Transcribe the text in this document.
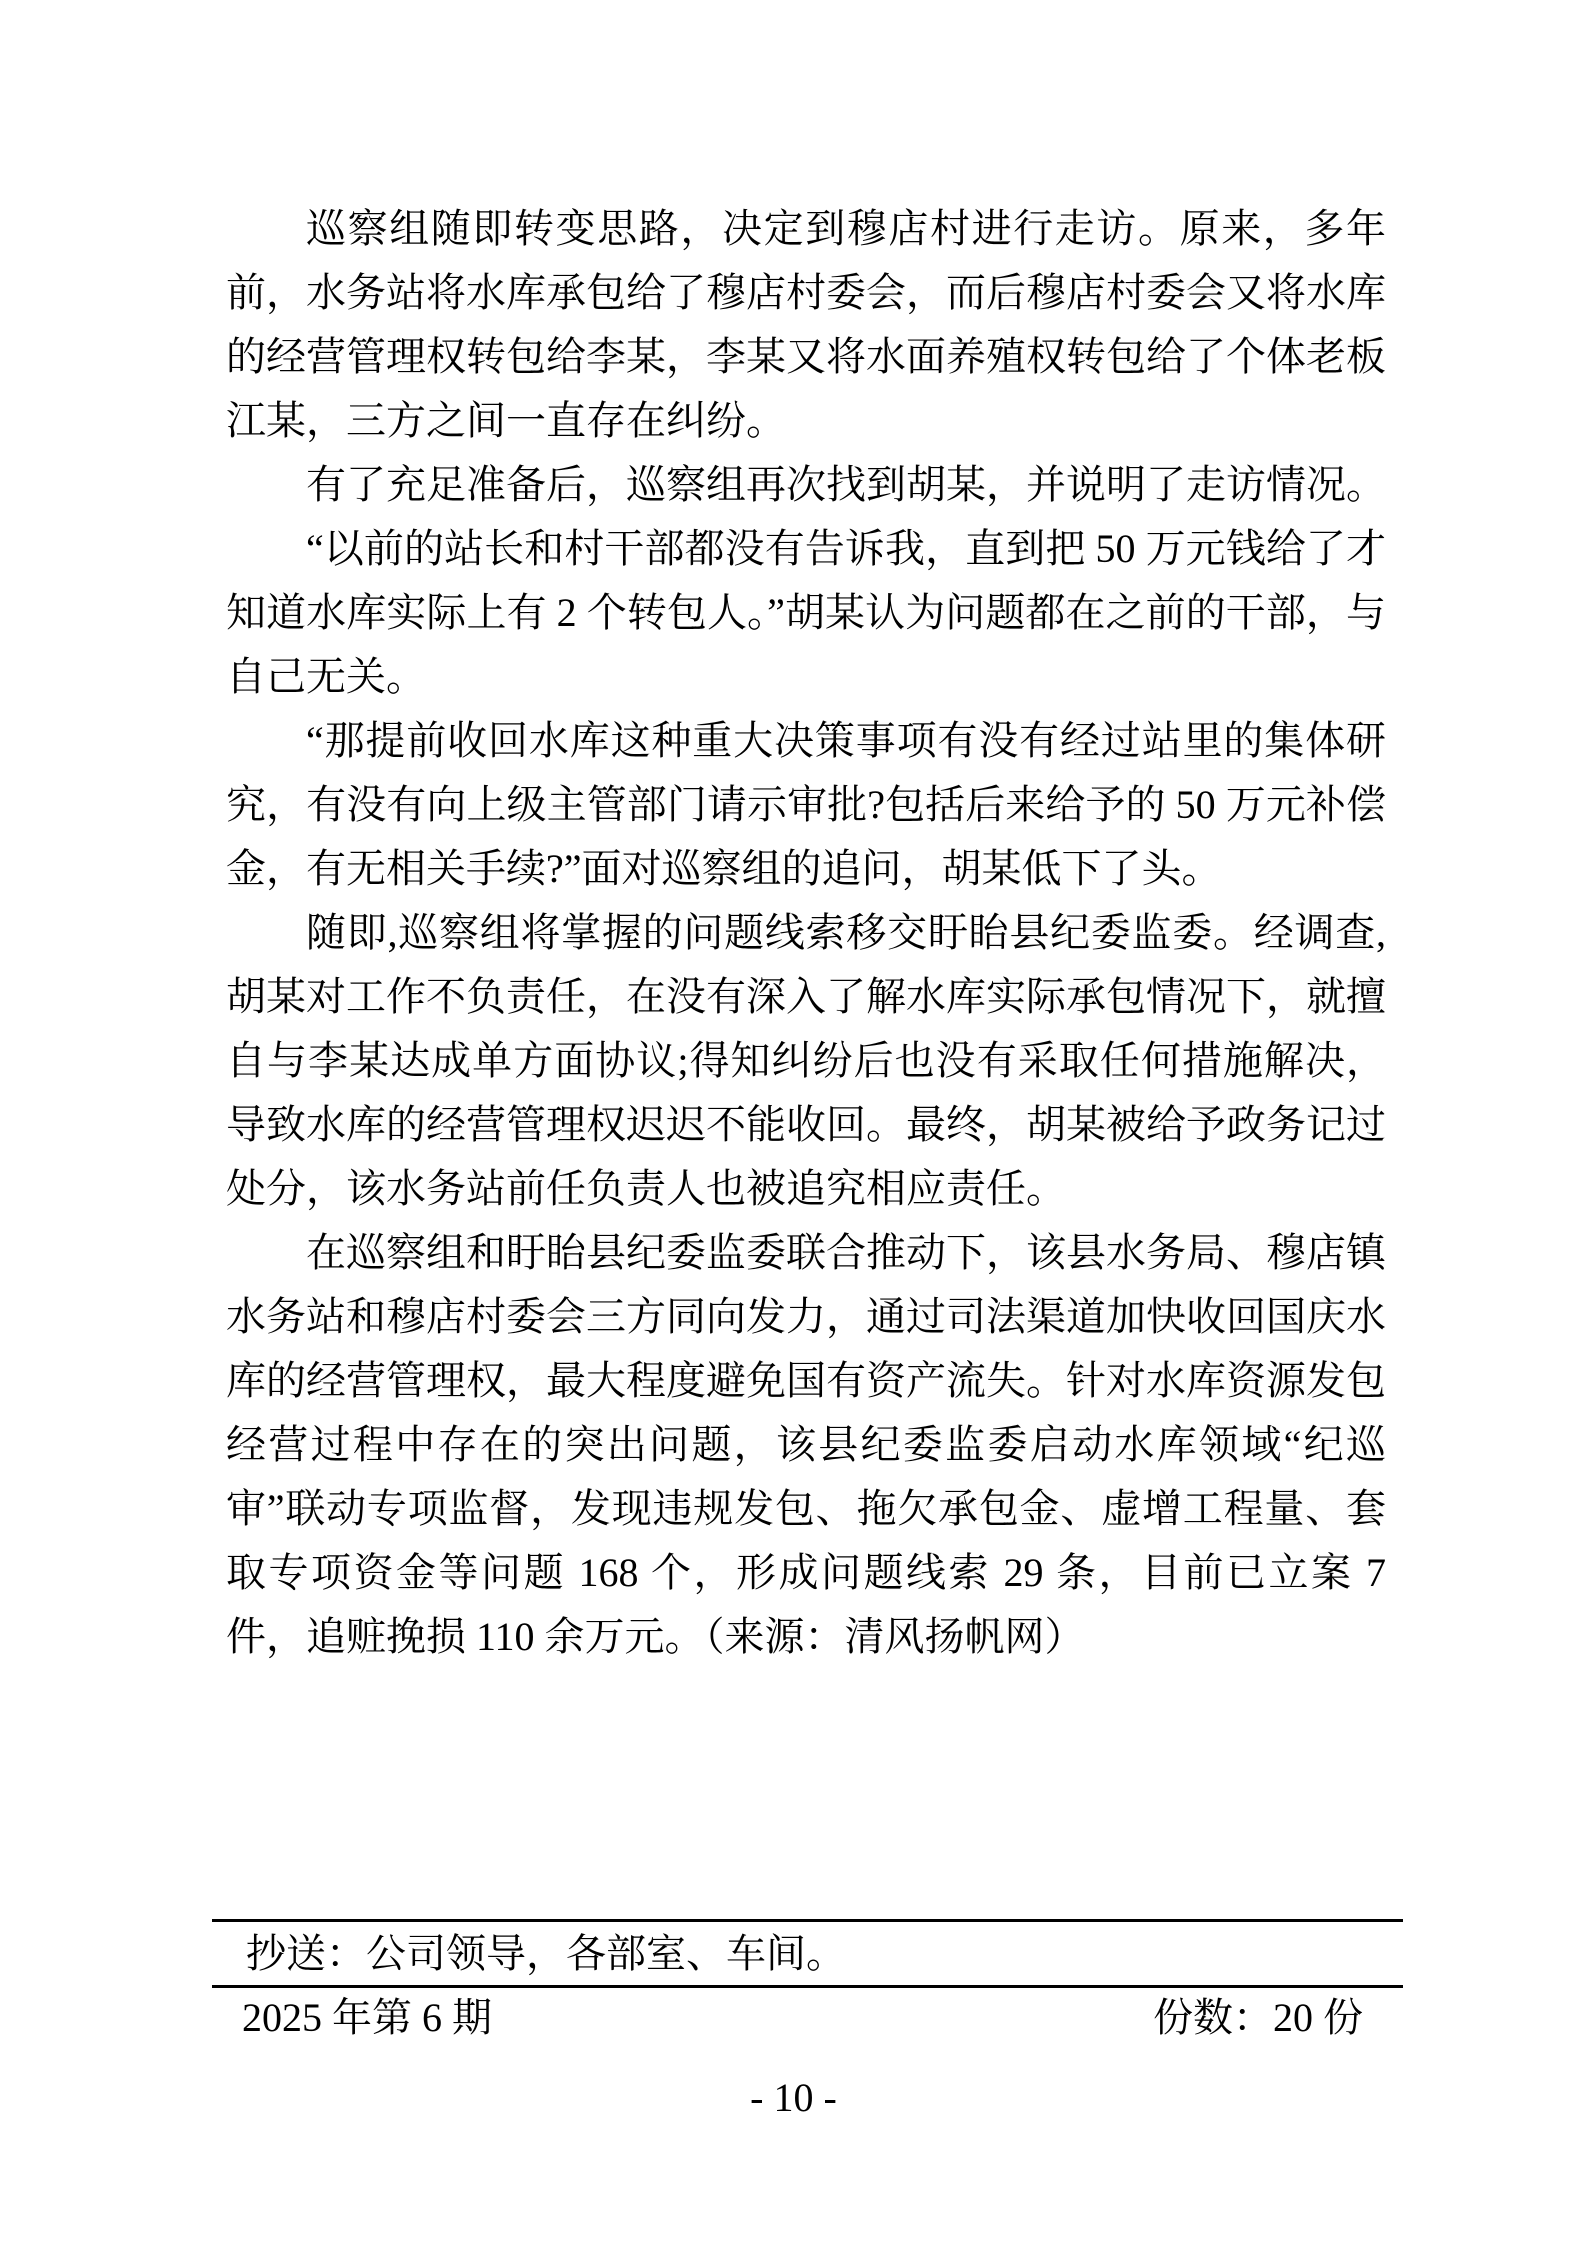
巡察组随即转变思路，决定到穆店村进行走访。原来，多年前，水务站将水库承包给了穆店村委会，而后穆店村委会又将水库的经营管理权转包给李某，李某又将水面养殖权转包给了个体老板江某，三方之间一直存在纠纷。

有了充足准备后，巡察组再次找到胡某，并说明了走访情况。

“以前的站长和村干部都没有告诉我，直到把 50 万元钱给了才知道水库实际上有 2 个转包人。”胡某认为问题都在之前的干部，与自己无关。

“那提前收回水库这种重大决策事项有没有经过站里的集体研究，有没有向上级主管部门请示审批?包括后来给予的 50 万元补偿金，有无相关手续?”面对巡察组的追问，胡某低下了头。

随即,巡察组将掌握的问题线索移交盱眙县纪委监委。经调查,胡某对工作不负责任，在没有深入了解水库实际承包情况下，就擅自与李某达成单方面协议;得知纠纷后也没有采取任何措施解决，导致水库的经营管理权迟迟不能收回。最终，胡某被给予政务记过处分，该水务站前任负责人也被追究相应责任。

在巡察组和盱眙县纪委监委联合推动下，该县水务局、穆店镇水务站和穆店村委会三方同向发力，通过司法渠道加快收回国庆水库的经营管理权，最大程度避免国有资产流失。针对水库资源发包经营过程中存在的突出问题，该县纪委监委启动水库领域“纪巡审”联动专项监督，发现违规发包、拖欠承包金、虚增工程量、套取专项资金等问题 168 个，形成问题线索 29 条，目前已立案 7 件，追赃挽损 110 余万元。（来源：清风扬帆网）

抄送：公司领导，各部室、车间。
2025 年第 6 期	份数：20 份
- 10 -
